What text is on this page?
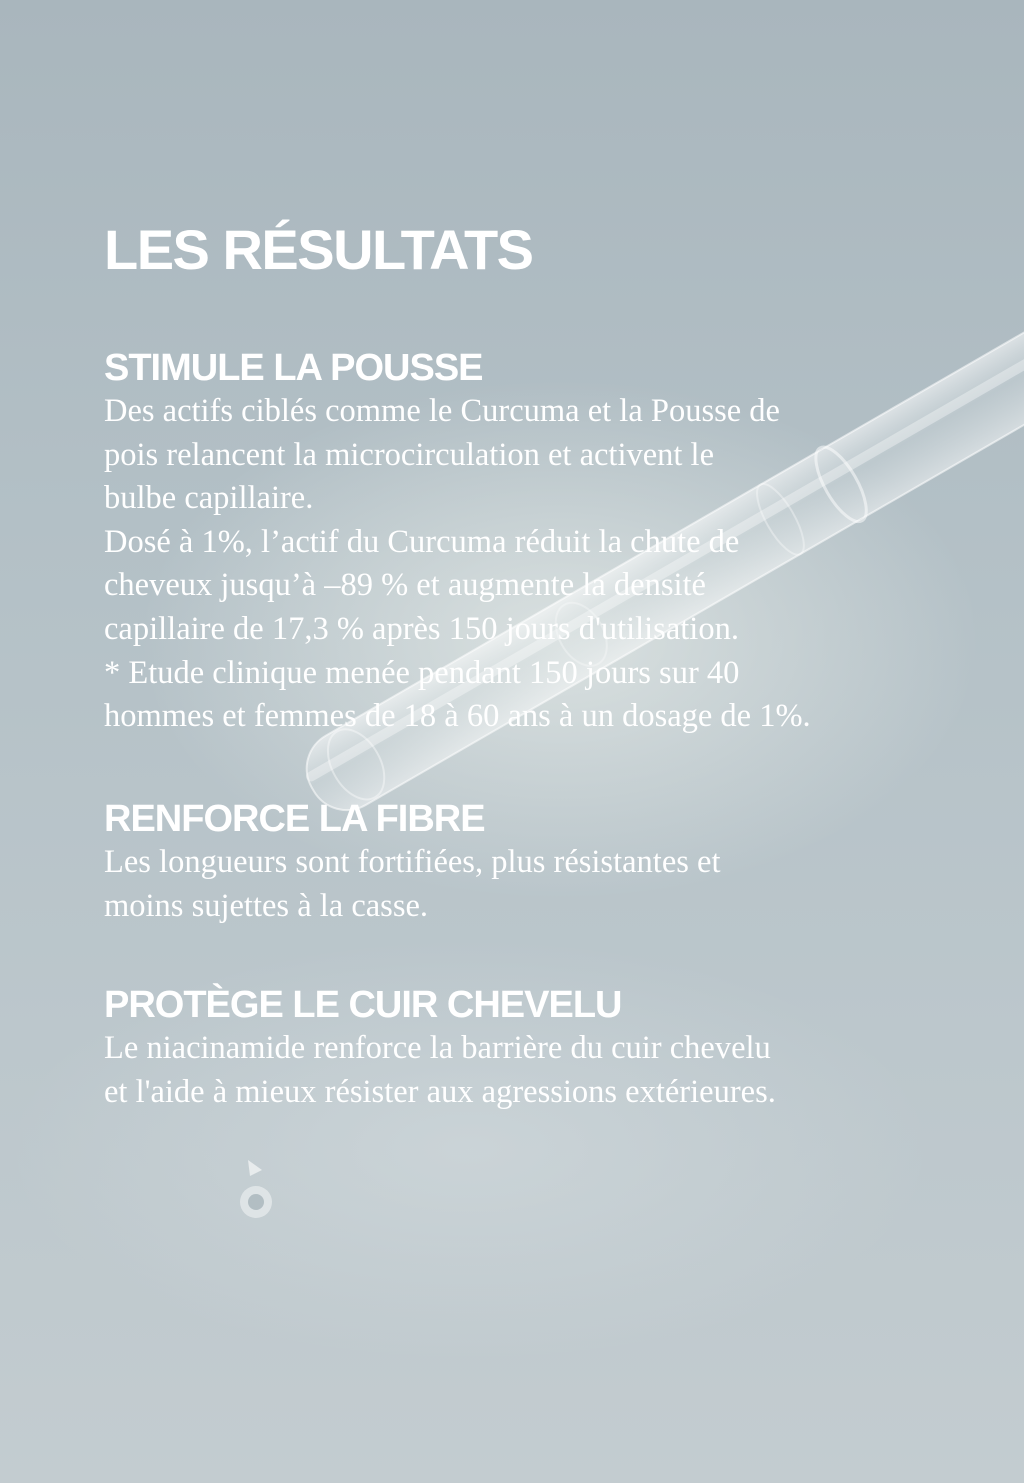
LES RÉSULTATS
STIMULE LA POUSSE

Des actifs ciblés comme le Curcuma et la Pousse de
pois relancent la microcirculation et activent le
bulbe capillaire.
Dosé à 1%, l’actif du Curcuma réduit la chute de
cheveux jusqu’à –89 % et augmente la densité
capillaire de 17,3 % après 150 jours d'utilisation.
* Etude clinique menée pendant 150 jours sur 40
hommes et femmes de 18 à 60 ans à un dosage de 1%.

RENFORCE LA FIBRE

Les longueurs sont fortifiées, plus résistantes et
moins sujettes à la casse.

PROTÈGE LE CUIR CHEVELU

Le niacinamide renforce la barrière du cuir chevelu
et l'aide à mieux résister aux agressions extérieures.
